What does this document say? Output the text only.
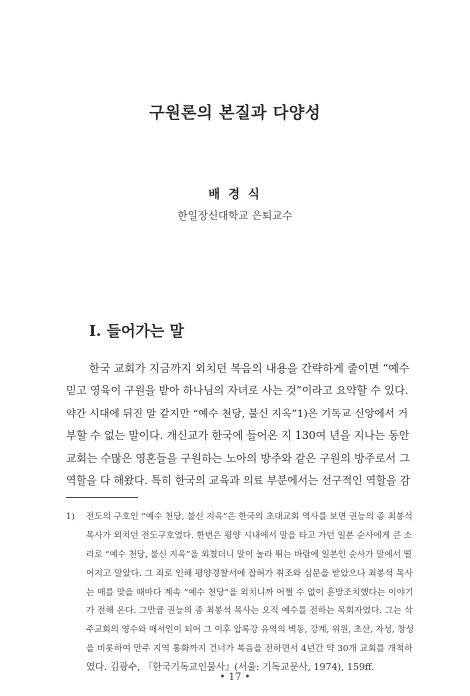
구원론의 본질과 다양성
배 경 식
한일장신대학교 은퇴교수
I. 들어가는 말
한국 교회가 지금까지 외치던 복음의 내용을 간략하게 줄이면 “예수
믿고 영육이 구원을 받아 하나님의 자녀로 사는 것”이라고 요약할 수 있다.
약간 시대에 뒤진 말 같지만 “예수 천당, 불신 지옥”1)은 기독교 신앙에서 거
부할 수 없는 말이다. 개신교가 한국에 들어온 지 130여 년을 지나는 동안
교회는 수많은 영혼들을 구원하는 노아의 방주와 같은 구원의 방주로서 그
역할을 다 해왔다. 특히 한국의 교육과 의료 부분에서는 선구적인 역할을 감
1) 전도의 구호인 “예수 천당, 불신 지옥”은 한국의 초대교회 역사를 보면 권능의 종 최봉석
목사가 외치던 전도구호였다. 한번은 평양 시내에서 말을 타고 가던 일본 순사에게 큰 소
리로 “예수 천당, 불신 지옥”을 외쳤더니 말이 놀라 뛰는 바람에 일본인 순사가 말에서 떨
어지고 말았다. 그 죄로 인해 평양경찰서에 잡혀가 취조와 심문을 받았으나 최봉석 목사
는 매를 맞을 때마다 계속 “예수 천당”을 외치니까 어쩔 수 없이 훈방조치했다는 이야기
가 전해 온다. 그만큼 권능의 종 최봉석 목사는 오직 예수를 전하는 목회자였다. 그는 삭
주교회의 영수와 매서인이 되어 그 이후 압록강 유역의 벽동, 강계, 위원, 초산, 자성, 창성
을 비롯하여 만주 지역 통화까지 건너가 복음을 전하면서 4년간 약 30개 교회를 개척하
였다. 김광수, 『한국기독교인물사』(서울: 기독교문사, 1974), 159ff.
• 17 •
